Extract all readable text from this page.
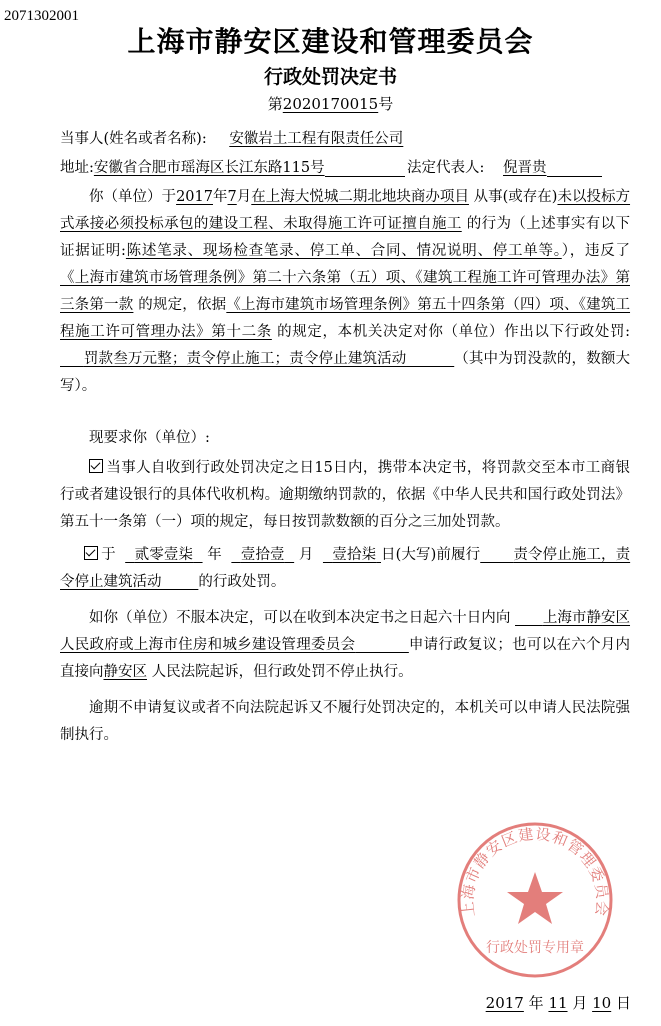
2071302001
上海市静安区建设和管理委员会
行政处罚决定书
第2020170015号
当事人(姓名或者名称): 安徽岩土工程有限责任公司
地址:安徽省合肥市瑶海区长江东路115号	法定代表人: 倪晋贵
你（单位）于2017年7月在上海大悦城二期北地块商办项目 从事(或存在)未以投标方式承接必须投标承包的建设工程、未取得施工许可证擅自施工 的行为（上述事实有以下证据证明:陈述笔录、现场检查笔录、停工单、合同、情况说明、停工单等。），违反了《上海市建筑市场管理条例》第二十六条第（五）项、《建筑工程施工许可管理办法》第三条第一款 的规定，依据《上海市建筑市场管理条例》第五十四条第（四）项、《建筑工程施工许可管理办法》第十二条 的规定，本机关决定对你（单位）作出以下行政处罚:      罚款叁万元整；责令停止施工；责令停止建筑活动	（其中为罚没款的，数额大写）。
现要求你（单位）:
当事人自收到行政处罚决定之日15日内，携带本决定书，将罚款交至本市工商银行或者建设银行的具体代收机构。逾期缴纳罚款的，依据《中华人民共和国行政处罚法》第五十一条第（一）项的规定，每日按罚款数额的百分之三加处罚款。
于 贰零壹柒 年 壹拾壹 月 壹拾柒 日(大写)前履行 责令停止施工，责令停止建筑活动	的行政处罚。
如你（单位）不服本决定，可以在收到本决定书之日起六十日内向 上海市静安区人民政府或上海市住房和城乡建设管理委员会	申请行政复议；也可以在六个月内直接向静安区 人民法院起诉，但行政处罚不停止执行。
逾期不申请复议或者不向法院起诉又不履行处罚决定的，本机关可以申请人民法院强制执行。
上海市静安区建设和管理委员会
行政处罚专用章
2017 年 11 月 10 日
